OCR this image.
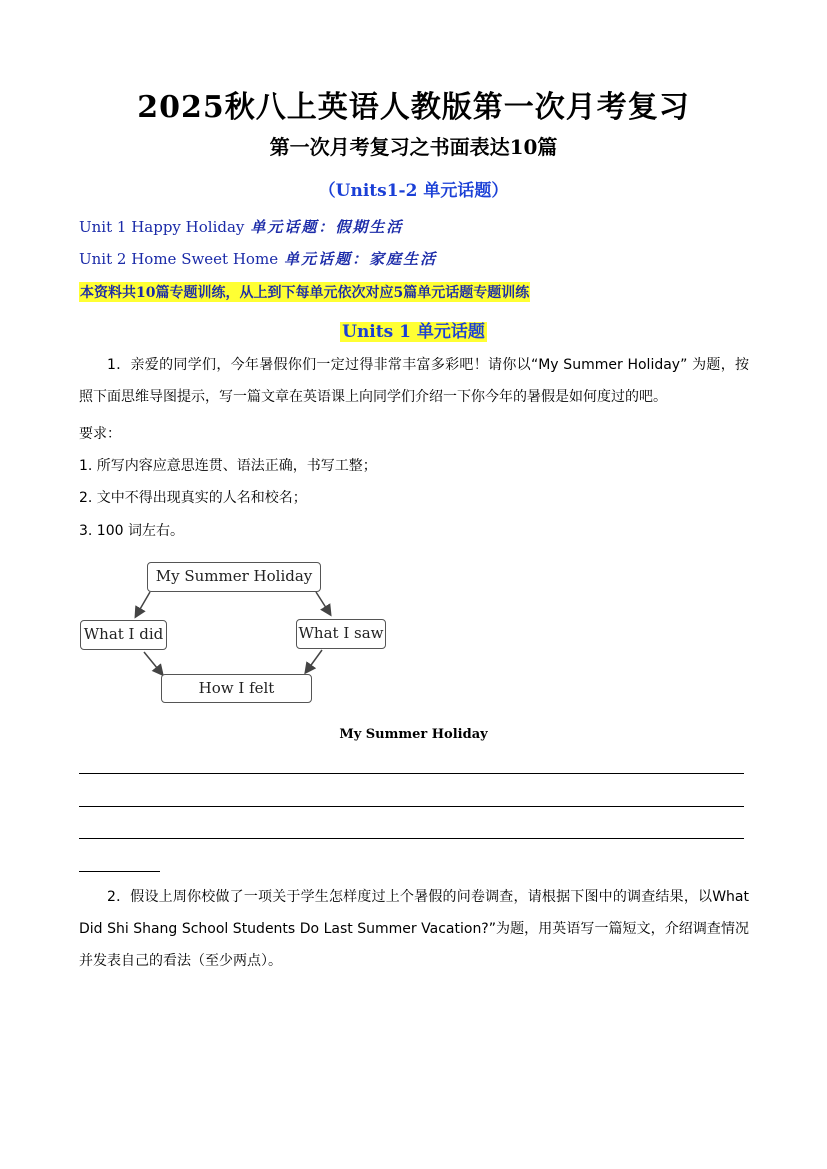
2025秋八上英语人教版第一次月考复习
第一次月考复习之书面表达10篇
（Units1-2 单元话题）
Unit 1 Happy Holiday 单元话题：假期生活
Unit 2 Home Sweet Home 单元话题：家庭生活
本资料共10篇专题训练，从上到下每单元依次对应5篇单元话题专题训练
Units 1 单元话题
1．亲爱的同学们，今年暑假你们一定过得非常丰富多彩吧！请你以“My Summer Holiday” 为题，按照下面思维导图提示，写一篇文章在英语课上向同学们介绍一下你今年的暑假是如何度过的吧。
要求：
1. 所写内容应意思连贯、语法正确，书写工整；
2. 文中不得出现真实的人名和校名；
3. 100 词左右。
My Summer Holiday
What I did	What I saw
How I felt
My Summer Holiday
2．假设上周你校做了一项关于学生怎样度过上个暑假的问卷调查，请根据下图中的调查结果，以What Did Shi Shang School Students Do Last Summer Vacation?”为题，用英语写一篇短文，介绍调查情况并发表自己的看法（至少两点）。
